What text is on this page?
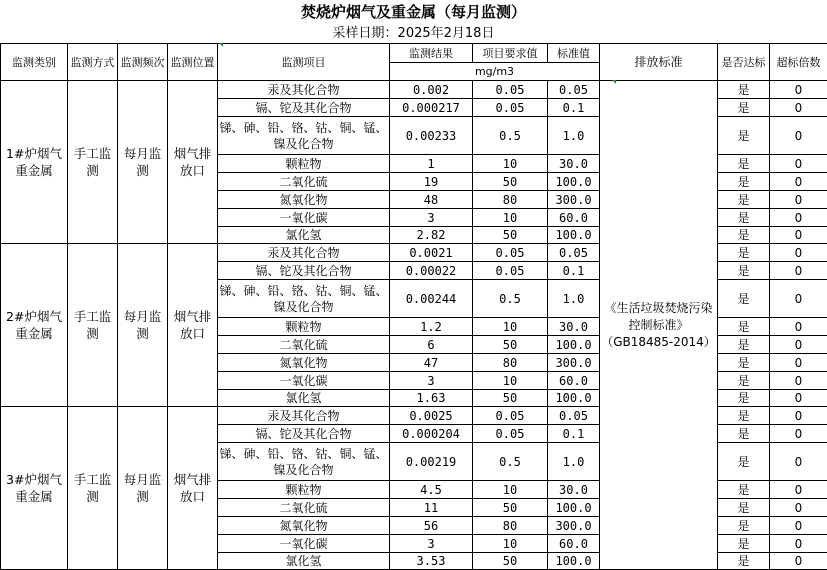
焚烧炉烟气及重金属（每月监测）
采样日期：2025年2月18日
监测类别	监测方式	监测频次	监测位置	监测项目	监测结果	项目要求值	标准值	排放标准	是否达标	超标倍数
					mg/m3					
1#炉烟气重金属	手工监测	每月监测	烟气排放口	汞及其化合物	0.002	0.05	0.05	《生活垃圾焚烧污染控制标准》（GB18485-2014）	是	0
				镉、铊及其化合物	0.000217	0.05	0.1		是	0
				锑、砷、铅、铬、钴、铜、锰、镍及化合物	0.00233	0.5	1.0		是	0
				颗粒物	1	10	30.0		是	0
				二氧化硫	19	50	100.0		是	0
				氮氧化物	48	80	300.0		是	0
				一氧化碳	3	10	60.0		是	0
				氯化氢	2.82	50	100.0		是	0
2#炉烟气重金属	手工监测	每月监测	烟气排放口	汞及其化合物	0.0021	0.05	0.05		是	0
				镉、铊及其化合物	0.00022	0.05	0.1		是	0
				锑、砷、铅、铬、钴、铜、锰、镍及化合物	0.00244	0.5	1.0		是	0
				颗粒物	1.2	10	30.0		是	0
				二氧化硫	6	50	100.0		是	0
				氮氧化物	47	80	300.0		是	0
				一氧化碳	3	10	60.0		是	0
				氯化氢	1.63	50	100.0		是	0
3#炉烟气重金属	手工监测	每月监测	烟气排放口	汞及其化合物	0.0025	0.05	0.05		是	0
				镉、铊及其化合物	0.000204	0.05	0.1		是	0
				锑、砷、铅、铬、钴、铜、锰、镍及化合物	0.00219	0.5	1.0		是	0
				颗粒物	4.5	10	30.0		是	0
				二氧化硫	11	50	100.0		是	0
				氮氧化物	56	80	300.0		是	0
				一氧化碳	3	10	60.0		是	0
				氯化氢	3.53	50	100.0		是	0
